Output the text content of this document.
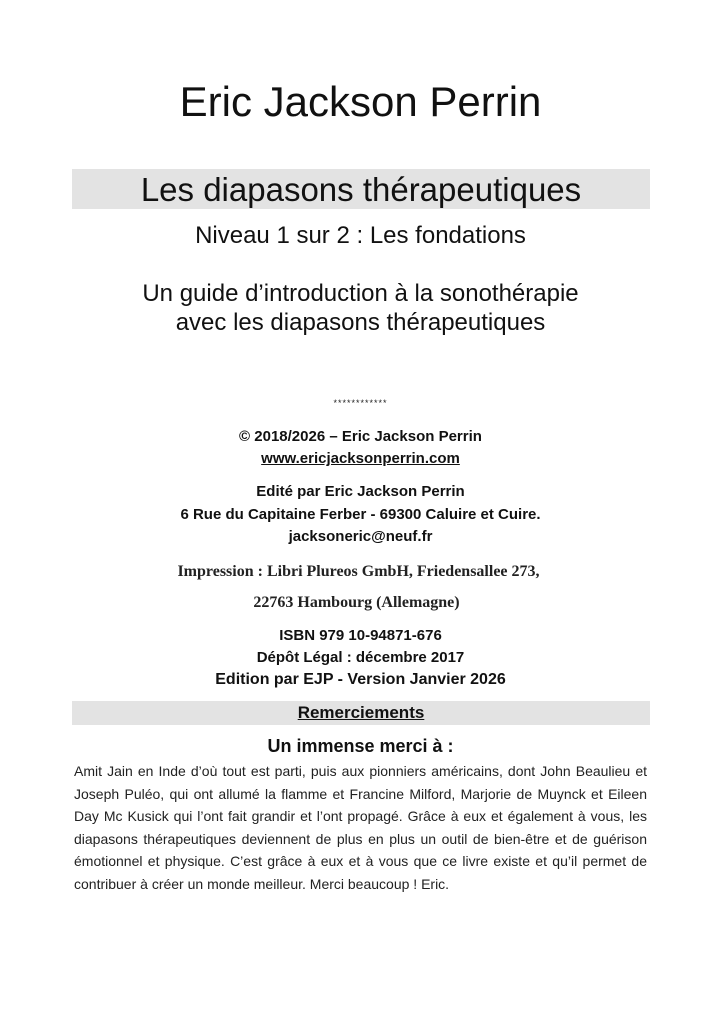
Eric Jackson Perrin
Les diapasons thérapeutiques
Niveau 1 sur 2 : Les fondations
Un guide d’introduction à la sonothérapie
avec les diapasons thérapeutiques
************
© 2018/2026 – Eric Jackson Perrin
www.ericjacksonperrin.com
Edité par Eric Jackson Perrin
6 Rue du Capitaine Ferber - 69300 Caluire et Cuire.
jacksoneric@neuf.fr
Impression : Libri Plureos GmbH, Friedensallee 273,
22763 Hambourg (Allemagne)
ISBN 979 10-94871-676
Dépôt Légal : décembre 2017
Edition par EJP - Version Janvier 2026
Remerciements
Un immense merci à :
Amit Jain en Inde d’où tout est parti, puis aux pionniers américains, dont John Beaulieu et Joseph Puléo, qui ont allumé la flamme et Francine Milford, Marjorie de Muynck et Eileen Day Mc Kusick qui l’ont fait grandir et l’ont propagé. Grâce à eux et également à vous, les diapasons thérapeutiques deviennent de plus en plus un outil de bien-être et de guérison émotionnel et physique. C’est grâce à eux et à vous que ce livre existe et qu’il permet de contribuer à créer un monde meilleur. Merci beaucoup ! Eric.
